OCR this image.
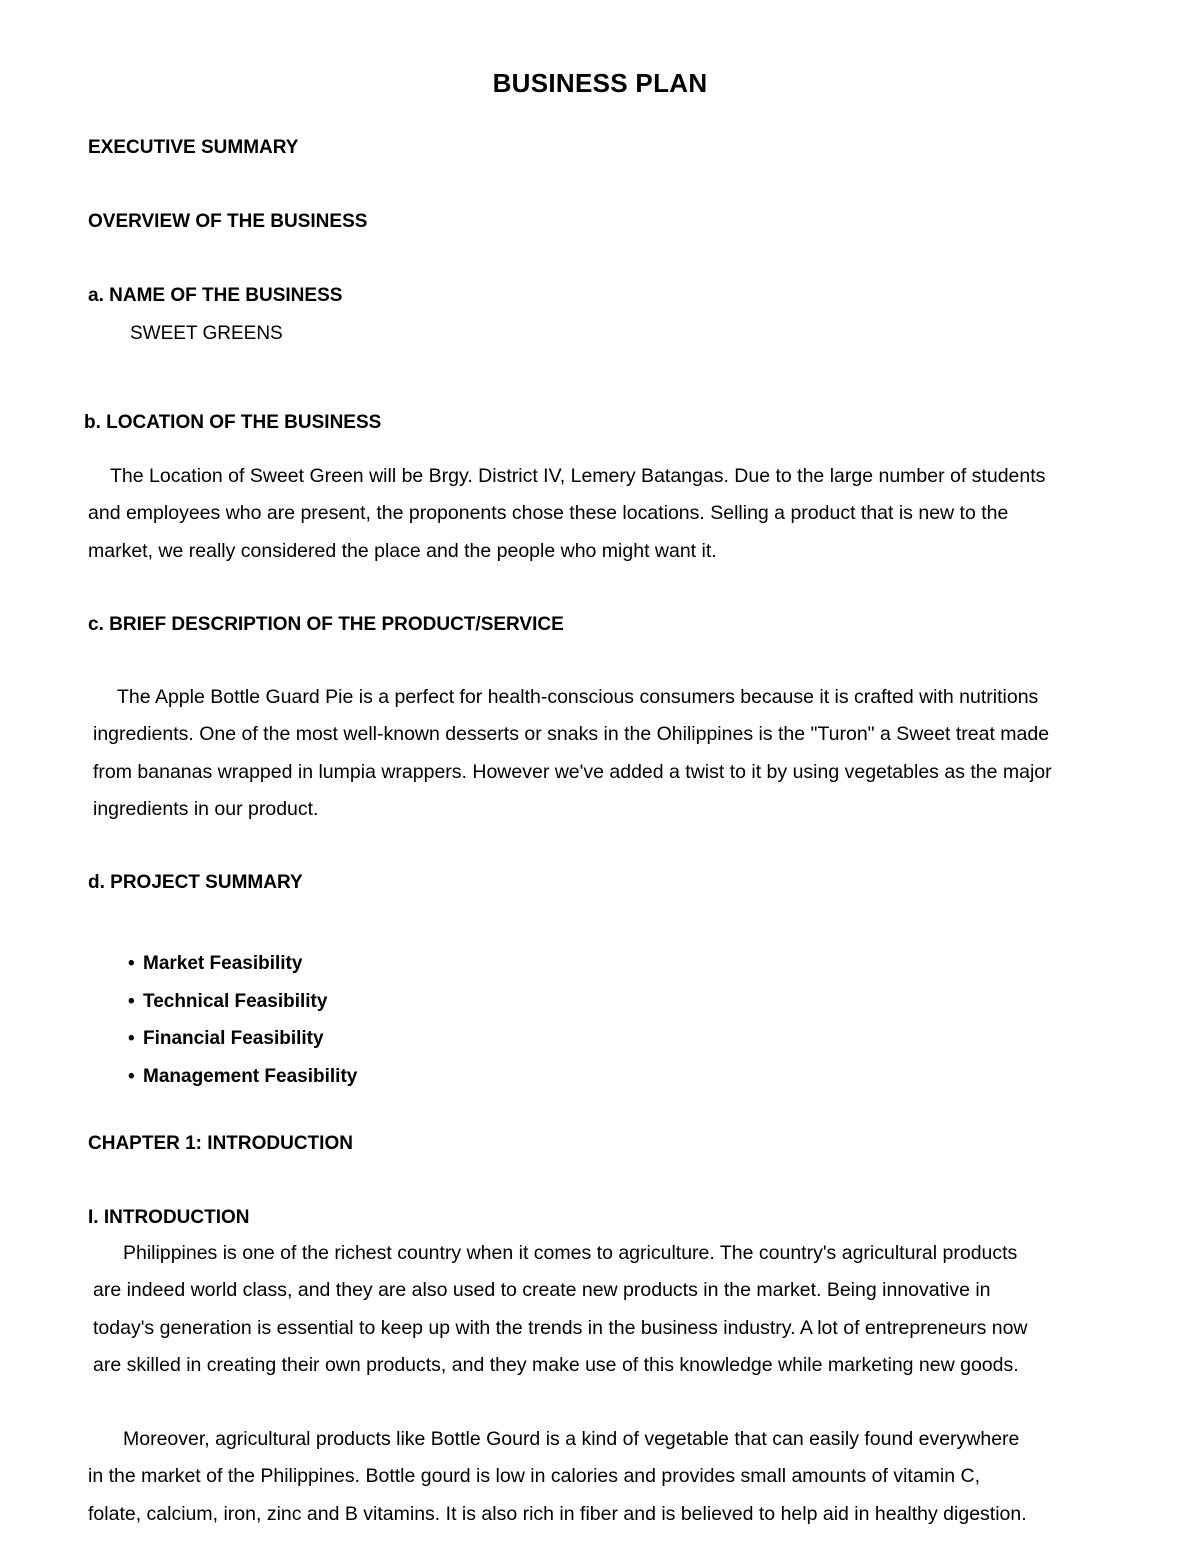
BUSINESS PLAN
EXECUTIVE SUMMARY
OVERVIEW OF THE BUSINESS
a. NAME OF THE BUSINESS
SWEET GREENS
b. LOCATION OF THE BUSINESS
The Location of Sweet Green will be Brgy. District IV, Lemery Batangas. Due to the large number of students
and employees who are present, the proponents chose these locations. Selling a product that is new to the
market, we really considered the place and the people who might want it.
c. BRIEF DESCRIPTION OF THE PRODUCT/SERVICE
The Apple Bottle Guard Pie is a perfect for health-conscious consumers because it is crafted with nutritions
ingredients. One of the most well-known desserts or snaks in the Ohilippines is the "Turon" a Sweet treat made
from bananas wrapped in lumpia wrappers. However we've added a twist to it by using vegetables as the major
ingredients in our product.
d. PROJECT SUMMARY
• Market Feasibility
• Technical Feasibility
• Financial Feasibility
• Management Feasibility
CHAPTER 1: INTRODUCTION
I. INTRODUCTION
Philippines is one of the richest country when it comes to agriculture. The country's agricultural products
are indeed world class, and they are also used to create new products in the market. Being innovative in
today's generation is essential to keep up with the trends in the business industry. A lot of entrepreneurs now
are skilled in creating their own products, and they make use of this knowledge while marketing new goods.
Moreover, agricultural products like Bottle Gourd is a kind of vegetable that can easily found everywhere
in the market of the Philippines. Bottle gourd is low in calories and provides small amounts of vitamin C,
folate, calcium, iron, zinc and B vitamins. It is also rich in fiber and is believed to help aid in healthy digestion.
